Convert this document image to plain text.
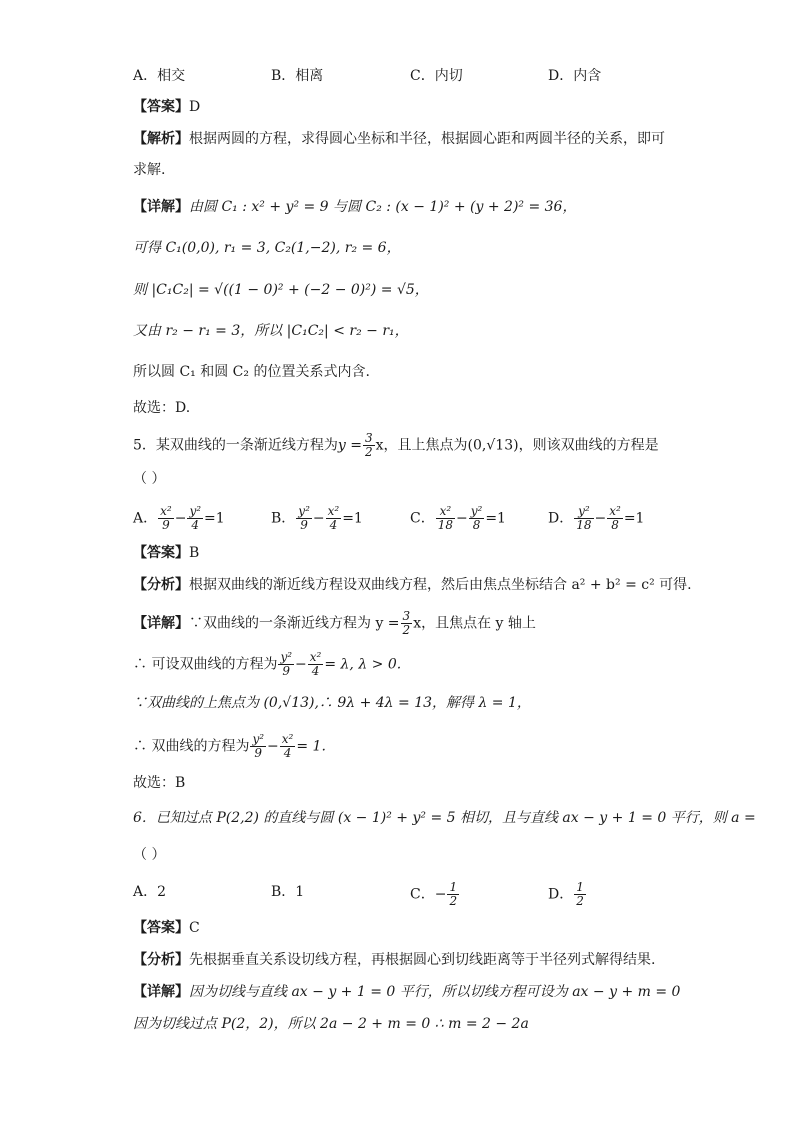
A．相交	B．相离	C．内切	D．内含
【答案】D
【解析】根据两圆的方程，求得圆心坐标和半径，根据圆心距和两圆半径的关系，即可
求解.
【详解】由圆 C₁ : x² + y² = 9 与圆 C₂ : (x − 1)² + (y + 2)² = 36，
可得 C₁(0,0), r₁ = 3, C₂(1,−2), r₂ = 6，
则 |C₁C₂| = √((1 − 0)² + (−2 − 0)²) = √5，
又由 r₂ − r₁ = 3，所以 |C₁C₂| < r₂ − r₁，
所以圆 C₁ 和圆 C₂ 的位置关系式内含.
故选：D.
5．某双曲线的一条渐近线方程为$y = \frac{3}{2}$ x，且上焦点为(0,√13)，则该双曲线的方程是
（ ）
A． $\frac{\text{x²}}{9} - \frac{\text{y²}}{4} =1$	B． $\frac{\text{y²}}{9} - \frac{\text{x²}}{4} =1$	C． $\frac{\text{x²}}{18} - \frac{\text{y²}}{8} =1$	D． $\frac{\text{y²}}{18} - \frac{\text{x²}}{8} =1$
【答案】B
【分析】根据双曲线的渐近线方程设双曲线方程，然后由焦点坐标结合 a² + b² = c² 可得.
【详解】∵双曲线的一条渐近线方程为 $y = \frac{3}{2}$ x，且焦点在 y 轴上
∴ 可设双曲线的方程为 $\frac{\text{y²}}{9} - \frac{\text{x²}}{4} = \lambda$, λ > 0.
∵双曲线的上焦点为 (0,√13),∴ 9λ + 4λ = 13，解得 λ = 1，
∴ 双曲线的方程为 $\frac{\text{y²}}{9} - \frac{\text{x²}}{4} = 1$.
故选：B
6．已知过点 P(2,2) 的直线与圆 (x − 1)² + y² = 5 相切，且与直线 ax − y + 1 = 0 平行，则 a =
（ ）
A．2	B．1	C．− $\frac{1}{2}$	D． $\frac{1}{2}$
【答案】C
【分析】先根据垂直关系设切线方程，再根据圆心到切线距离等于半径列式解得结果.
【详解】因为切线与直线 ax − y + 1 = 0 平行，所以切线方程可设为 ax − y + m = 0
因为切线过点 P(2，2)，所以 2a − 2 + m = 0 ∴ m = 2 − 2a
